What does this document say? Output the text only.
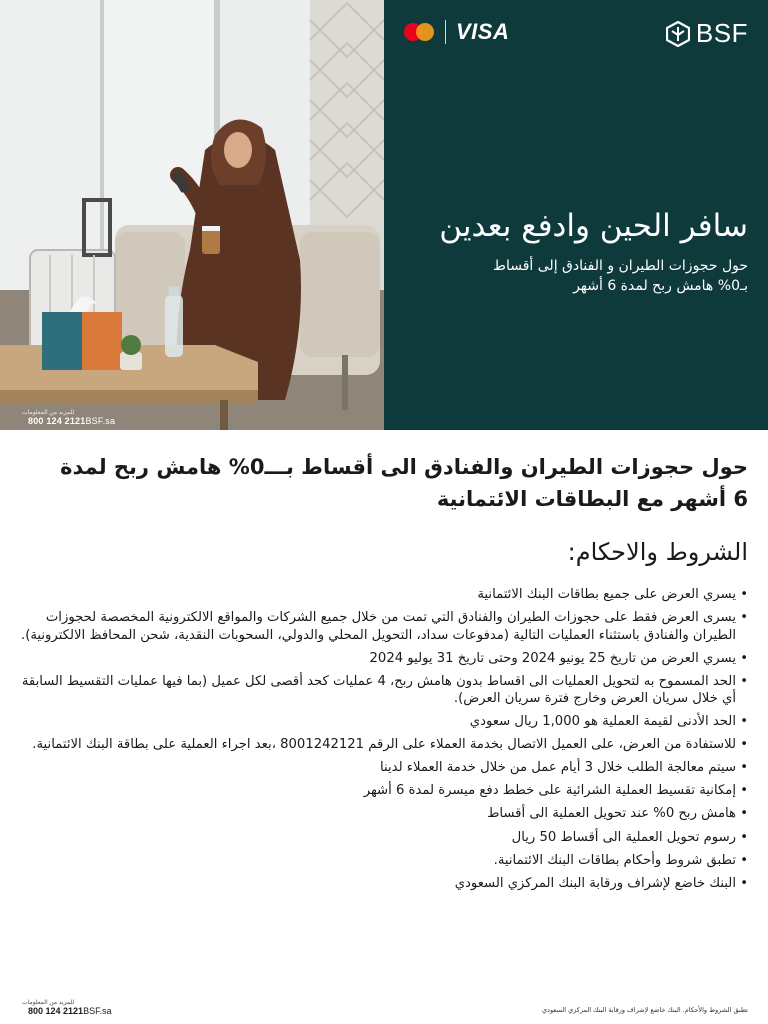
للمزيد من المعلومات
800 124 2121BSF.sa
VISA	BSF
سافر الحين وادفع بعدين
حول حجوزات الطيران و الفنادق إلى أقساط
بـ0% هامش ربح لمدة 6 أشهر
حول حجوزات الطيران والفنادق الى أقساط بـــ0% هامش ربح لمدة 6 أشهر مع البطاقات الائتمانية
الشروط والاحكام:
• يسري العرض على جميع بطاقات البنك الائتمانية
• يسرى العرض فقط على حجوزات الطيران والفنادق التي تمت من خلال جميع الشركات والمواقع الالكترونية المخصصة لحجوزات الطيران والفنادق باستثناء العمليات التالية (مدفوعات سداد، التحويل المحلي والدولي، السحوبات النقدية، شحن المحافظ الالكترونية).
• يسري العرض من تاريخ 25 يونيو 2024 وحتى تاريخ 31 يوليو 2024
• الحد المسموح به لتحويل العمليات الى اقساط بدون هامش ربح، 4 عمليات كحد أقصى لكل عميل (بما فيها عمليات التقسيط السابقة أي خلال سريان العرض وخارج فترة سريان العرض).
• الحد الأدنى لقيمة العملية هو 1,000 ريال سعودي
• للاستفادة من العرض، على العميل الاتصال بخدمة العملاء على الرقم 8001242121 ،بعد اجراء العملية على بطاقة البنك الائتمانية.
• سيتم معالجة الطلب خلال 3 أيام عمل من خلال خدمة العملاء لدينا
• إمكانية تقسيط العملية الشرائية على خطط دفع ميسرة لمدة 6 أشهر
• هامش ربح 0% عند تحويل العملية الى أقساط
• رسوم تحويل العملية الى أقساط 50 ريال
• تطبق شروط وأحكام بطاقات البنك الائتمانية.
• البنك خاضع لإشراف ورقابة البنك المركزي السعودي
للمزيد من المعلومات
800 124 2121BSF.sa	تطبق الشروط والأحكام. البنك خاضع لإشراف ورقابة البنك المركزي السعودي
